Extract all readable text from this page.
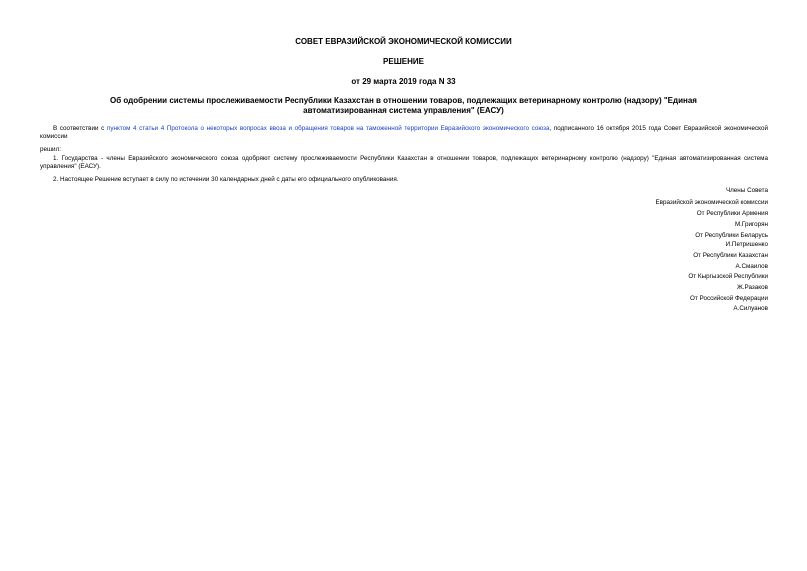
СОВЕТ ЕВРАЗИЙСКОЙ ЭКОНОМИЧЕСКОЙ КОМИССИИ
РЕШЕНИЕ
от 29 марта 2019 года N 33
Об одобрении системы прослеживаемости Республики Казахстан в отношении товаров, подлежащих ветеринарному контролю (надзору) "Единая
автоматизированная система управления" (ЕАСУ)

В соответствии с пунктом 4 статьи 4 Протокола о некоторых вопросах ввоза и обращения товаров на таможенной территории Евразийского экономического союза, подписанного 16 октября 2015 года Совет Евразийской экономической комиссии

решил:

1. Государства - члены Евразийского экономического союза одобряют систему прослеживаемости Республики Казахстан в отношении товаров, подлежащих ветеринарному контролю (надзору) "Единая автоматизированная система управления" (ЕАСУ).

2. Настоящее Решение вступает в силу по истечении 30 календарных дней с даты его официального опубликования.

Члены Совета
Евразийской экономической комиссии
От Республики Армения
М.Григорян
От Республики Беларусь
И.Петришенко
От Республики Казахстан
А.Смаилов
От Кыргызской Республики
Ж.Разаков
От Российской Федерации
А.Силуанов
